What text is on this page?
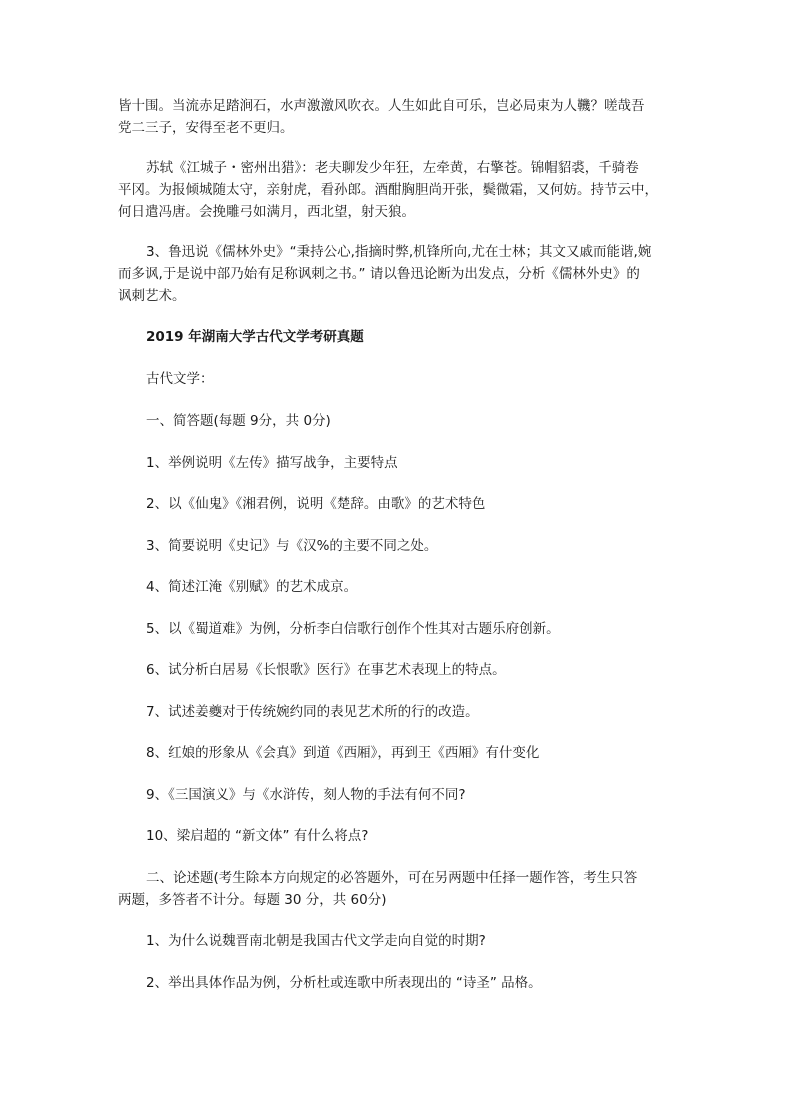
皆十围。当流赤足踏涧石，水声激激风吹衣。人生如此自可乐，岂必局束为人鞿？嗟哉吾
党二三子，安得至老不更归。

苏轼《江城子・密州出猎》：老夫聊发少年狂，左牵黄，右擎苍。锦帽貂裘，千骑卷
平冈。为报倾城随太守，亲射虎，看孙郎。酒酣胸胆尚开张，鬓微霜，又何妨。持节云中，
何日遣冯唐。会挽雕弓如满月，西北望，射天狼。

3、鲁迅说《儒林外史》“秉持公心,指摘时弊,机锋所向,尤在士林；其文又戚而能谐,婉
而多讽,于是说中部乃始有足称讽刺之书。” 请以鲁迅论断为出发点，分析《儒林外史》的
讽刺艺术。

2019 年湖南大学古代文学考研真题

古代文学：

一、简答题(每题 9分，共 0分)

1、举例说明《左传》描写战争，主要特点

2、以《仙鬼》《湘君例，说明《楚辞。由歌》的艺术特色

3、简要说明《史记》与《汉%的主要不同之处。

4、简述江淹《别赋》的艺术成京。

5、以《蜀道难》为例，分析李白信歌行创作个性其对古题乐府创新。

6、试分析白居易《长恨歌》医行》在事艺术表现上的特点。

7、试述姜夔对于传统婉约同的表见艺术所的行的改造。

8、红娘的形象从《会真》到道《西厢》，再到王《西厢》有什变化

9、《三国演义》与《水浒传，刻人物的手法有何不同?

10、梁启超的 “新文体” 有什么将点?

二、论述题(考生除本方向规定的必答题外，可在另两题中任择一题作答，考生只答

两题，多答者不计分。每题 30 分，共 60分)

1、为什么说魏晋南北朝是我国古代文学走向自觉的时期?

2、举出具体作品为例，分析杜或连歌中所表现出的 “诗圣” 品格。
